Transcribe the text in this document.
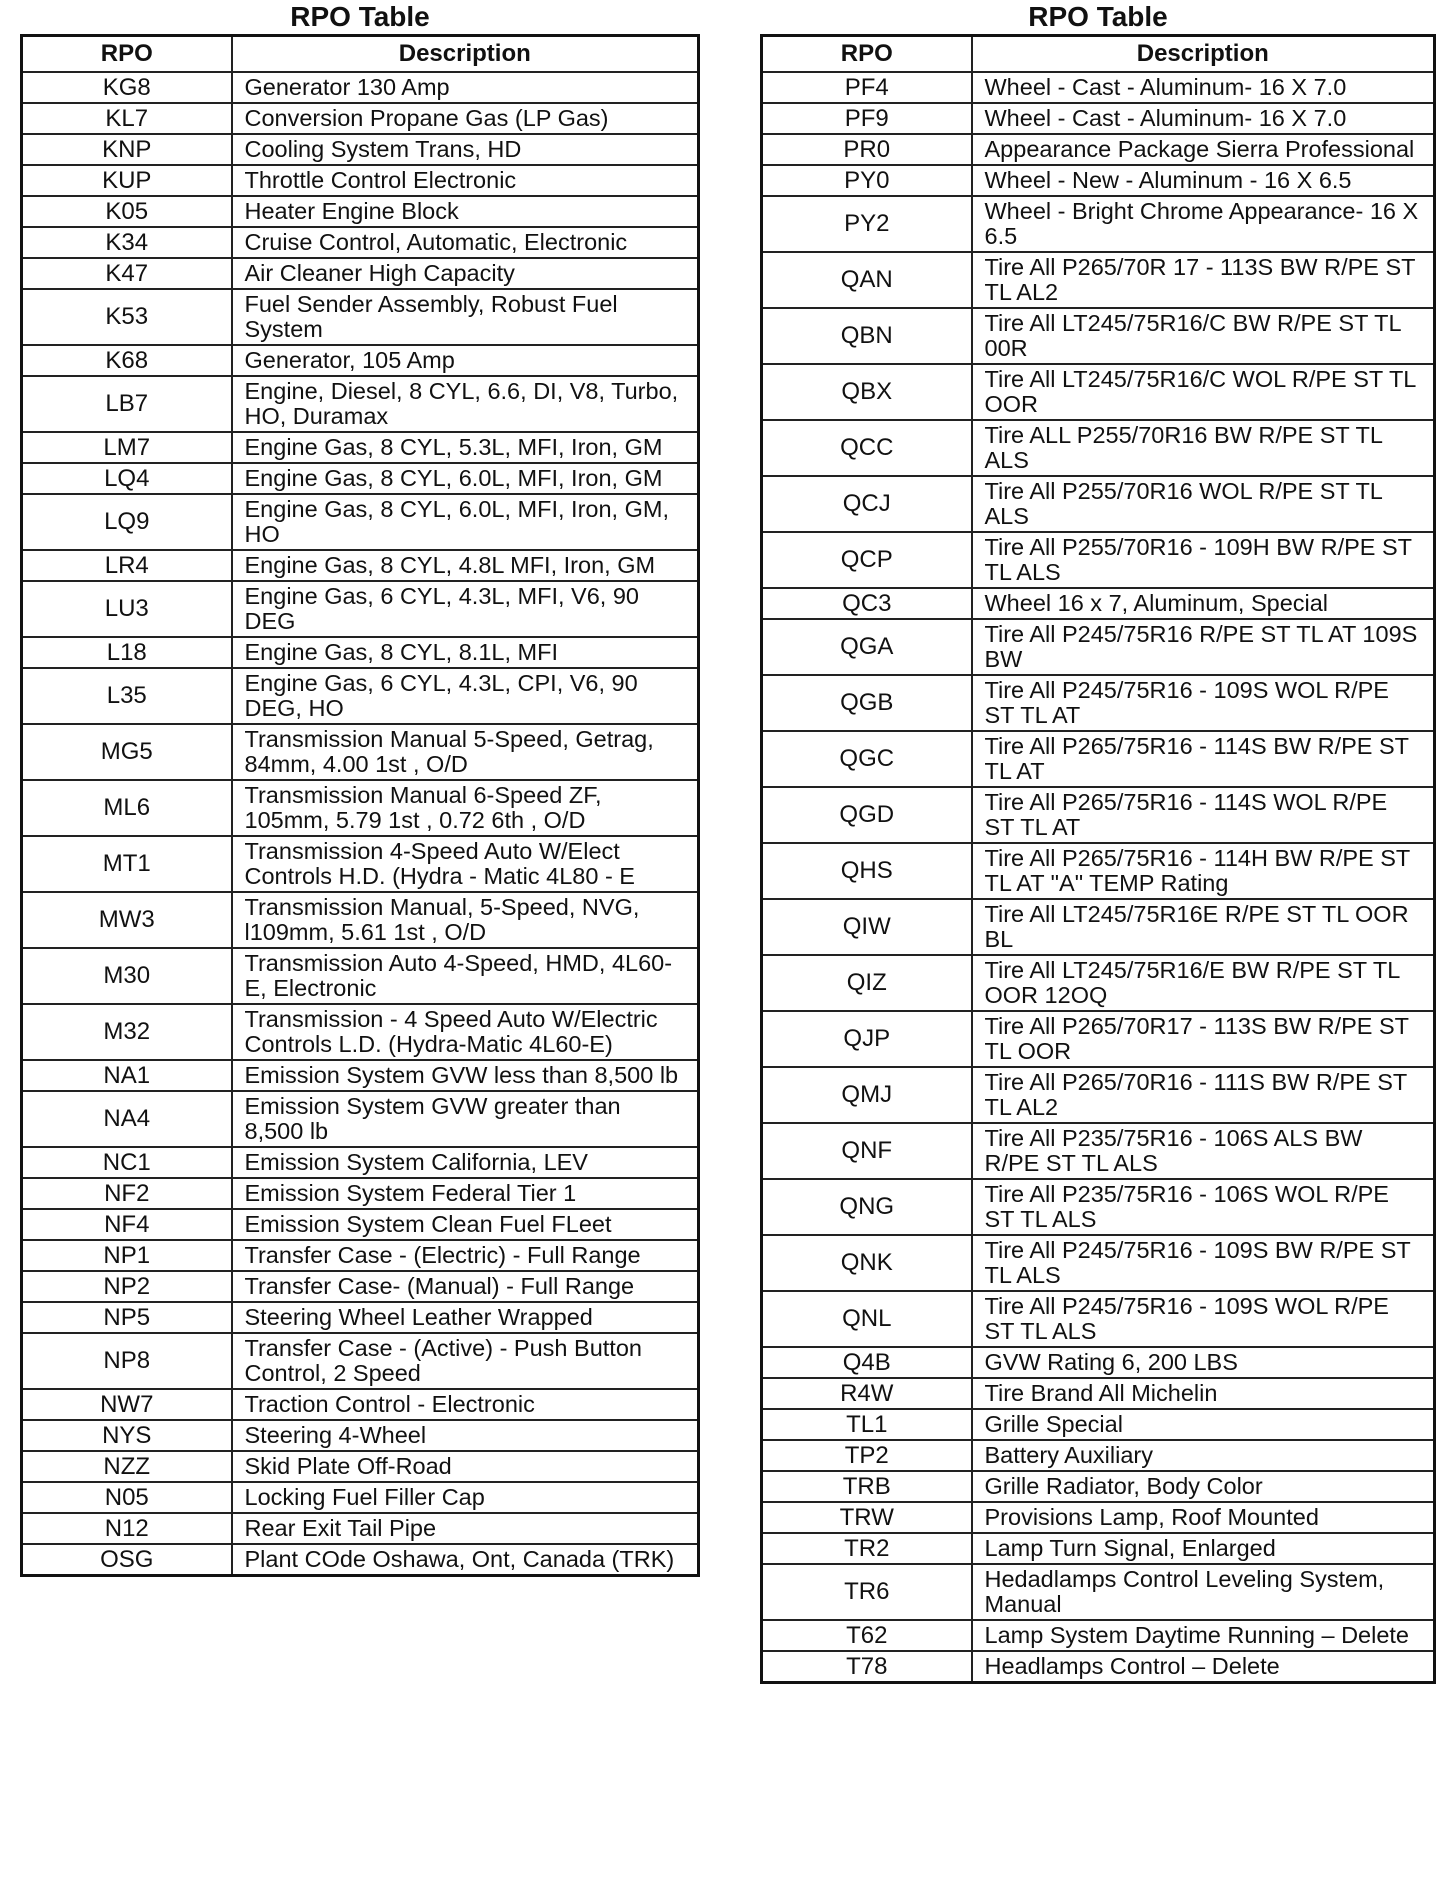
RPO Table
RPO	Description
KG8	Generator 130 Amp
KL7	Conversion Propane Gas (LP Gas)
KNP	Cooling System Trans, HD
KUP	Throttle Control Electronic
K05	Heater Engine Block
K34	Cruise Control, Automatic, Electronic
K47	Air Cleaner High Capacity
K53	Fuel Sender Assembly, Robust Fuel System
K68	Generator, 105 Amp
LB7	Engine, Diesel, 8 CYL, 6.6, DI, V8, Turbo, HO, Duramax
LM7	Engine Gas, 8 CYL, 5.3L, MFI, Iron, GM
LQ4	Engine Gas, 8 CYL, 6.0L, MFI, Iron, GM
LQ9	Engine Gas, 8 CYL, 6.0L, MFI, Iron, GM, HO
LR4	Engine Gas, 8 CYL, 4.8L MFI, Iron, GM
LU3	Engine Gas, 6 CYL, 4.3L, MFI, V6, 90 DEG
L18	Engine Gas, 8 CYL, 8.1L, MFI
L35	Engine Gas, 6 CYL, 4.3L, CPI, V6, 90 DEG, HO
MG5	Transmission Manual 5-Speed, Getrag, 84mm, 4.00 1st , O/D
ML6	Transmission Manual 6-Speed ZF, 105mm, 5.79 1st , 0.72 6th , O/D
MT1	Transmission 4-Speed Auto W/Elect Controls H.D. (Hydra - Matic 4L80 - E
MW3	Transmission Manual, 5-Speed, NVG, l109mm, 5.61 1st , O/D
M30	Transmission Auto 4-Speed, HMD, 4L60-E, Electronic
M32	Transmission - 4 Speed Auto W/Electric Controls L.D. (Hydra-Matic 4L60-E)
NA1	Emission System GVW less than 8,500 lb
NA4	Emission System GVW greater than 8,500 lb
NC1	Emission System California, LEV
NF2	Emission System Federal Tier 1
NF4	Emission System Clean Fuel FLeet
NP1	Transfer Case - (Electric) - Full Range
NP2	Transfer Case- (Manual) - Full Range
NP5	Steering Wheel Leather Wrapped
NP8	Transfer Case - (Active) - Push Button Control, 2 Speed
NW7	Traction Control - Electronic
NYS	Steering 4-Wheel
NZZ	Skid Plate Off-Road
N05	Locking Fuel Filler Cap
N12	Rear Exit Tail Pipe
OSG	Plant COde Oshawa, Ont, Canada (TRK)
RPO Table
RPO	Description
PF4	Wheel - Cast - Aluminum- 16 X 7.0
PF9	Wheel - Cast - Aluminum- 16 X 7.0
PR0	Appearance Package Sierra Professional
PY0	Wheel - New - Aluminum - 16 X 6.5
PY2	Wheel - Bright Chrome Appearance- 16 X 6.5
QAN	Tire All P265/70R 17 - 113S BW R/PE ST TL AL2
QBN	Tire All LT245/75R16/C BW R/PE ST TL 00R
QBX	Tire All LT245/75R16/C WOL R/PE ST TL OOR
QCC	Tire ALL P255/70R16 BW R/PE ST TL ALS
QCJ	Tire All P255/70R16 WOL R/PE ST TL ALS
QCP	Tire All P255/70R16 - 109H BW R/PE ST TL ALS
QC3	Wheel 16 x 7, Aluminum, Special
QGA	Tire All P245/75R16 R/PE ST TL AT 109S BW
QGB	Tire All P245/75R16 - 109S WOL R/PE ST TL AT
QGC	Tire All P265/75R16 - 114S BW R/PE ST TL AT
QGD	Tire All P265/75R16 - 114S WOL R/PE ST TL AT
QHS	Tire All P265/75R16 - 114H BW R/PE ST TL AT "A" TEMP Rating
QIW	Tire All LT245/75R16E R/PE ST TL OOR BL
QIZ	Tire All LT245/75R16/E BW R/PE ST TL OOR 12OQ
QJP	Tire All P265/70R17 - 113S BW R/PE ST TL OOR
QMJ	Tire All P265/70R16 - 111S BW R/PE ST TL AL2
QNF	Tire All P235/75R16 - 106S ALS BW R/PE ST TL ALS
QNG	Tire All P235/75R16 - 106S WOL R/PE ST TL ALS
QNK	Tire All P245/75R16 - 109S BW R/PE ST TL ALS
QNL	Tire All P245/75R16 - 109S WOL R/PE ST TL ALS
Q4B	GVW Rating 6, 200 LBS
R4W	Tire Brand All Michelin
TL1	Grille Special
TP2	Battery Auxiliary
TRB	Grille Radiator, Body Color
TRW	Provisions Lamp, Roof Mounted
TR2	Lamp Turn Signal, Enlarged
TR6	Hedadlamps Control Leveling System, Manual
T62	Lamp System Daytime Running – Delete
T78	Headlamps Control – Delete
